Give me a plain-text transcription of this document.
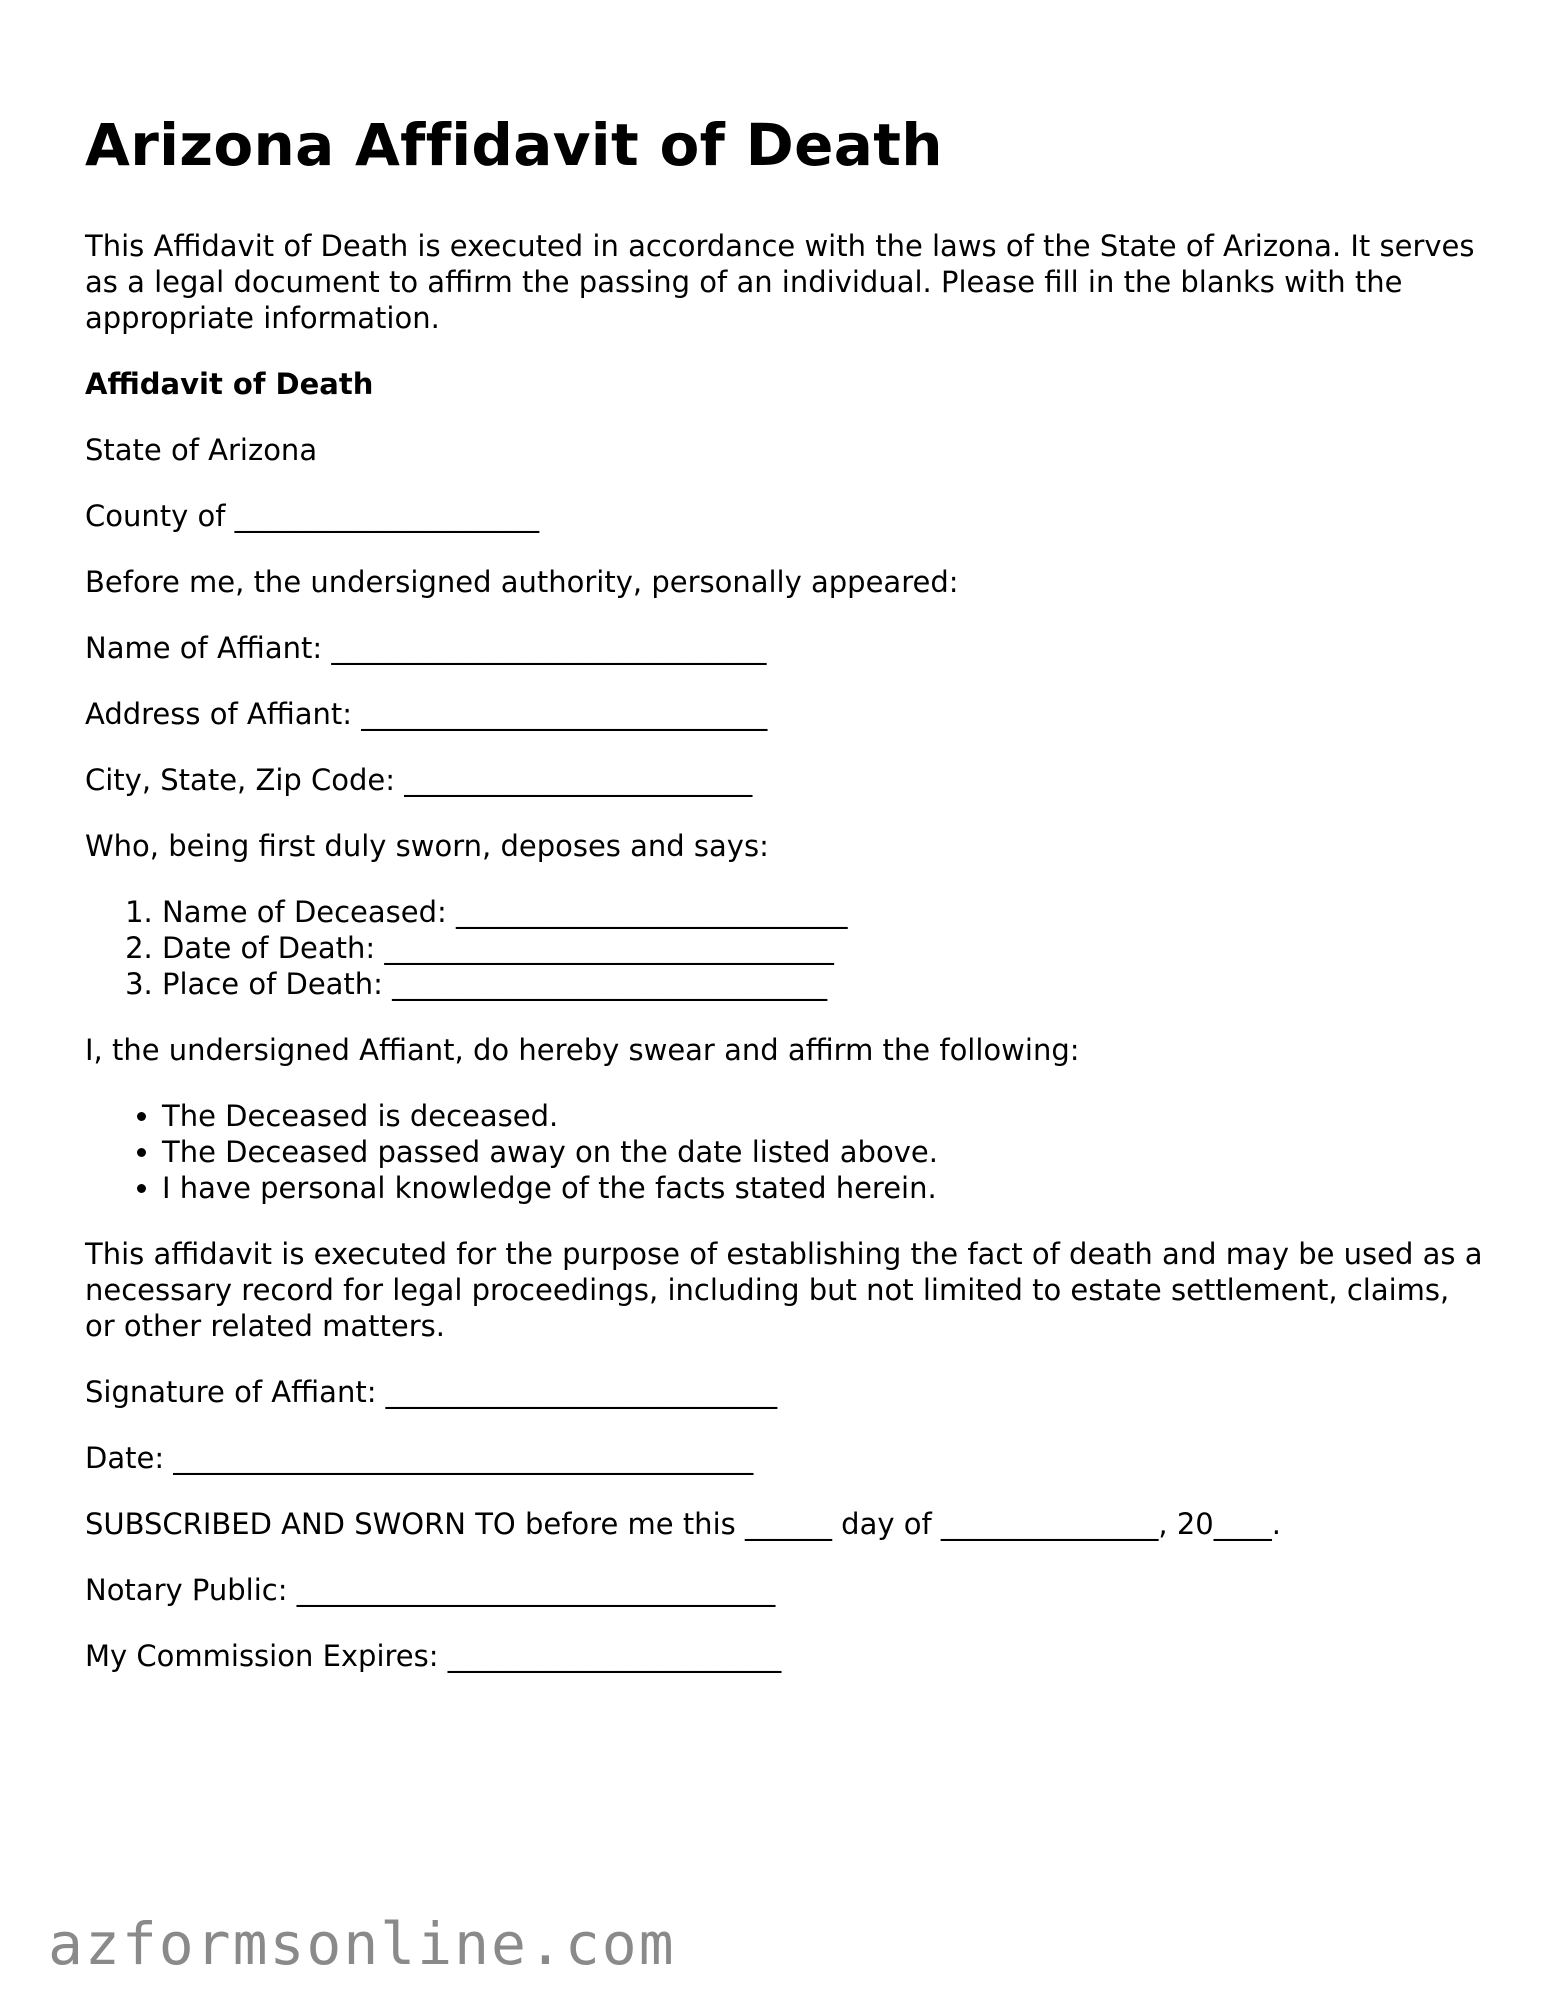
Arizona Affidavit of Death

This Affidavit of Death is executed in accordance with the laws of the State of Arizona. It serves as a legal document to affirm the passing of an individual. Please fill in the blanks with the appropriate information.

Affidavit of Death

State of Arizona

County of _____________________

Before me, the undersigned authority, personally appeared:

Name of Affiant: ______________________________

Address of Affiant: ____________________________

City, State, Zip Code: ________________________

Who, being first duly sworn, deposes and says:

1. Name of Deceased: ___________________________
2. Date of Death: _______________________________
3. Place of Death: ______________________________

I, the undersigned Affiant, do hereby swear and affirm the following:

• The Deceased is deceased.
• The Deceased passed away on the date listed above.
• I have personal knowledge of the facts stated herein.

This affidavit is executed for the purpose of establishing the fact of death and may be used as a necessary record for legal proceedings, including but not limited to estate settlement, claims, or other related matters.

Signature of Affiant: ___________________________

Date: ________________________________________

SUBSCRIBED AND SWORN TO before me this ______ day of _______________, 20____.

Notary Public: _________________________________

My Commission Expires: _______________________

azformsonline.com
